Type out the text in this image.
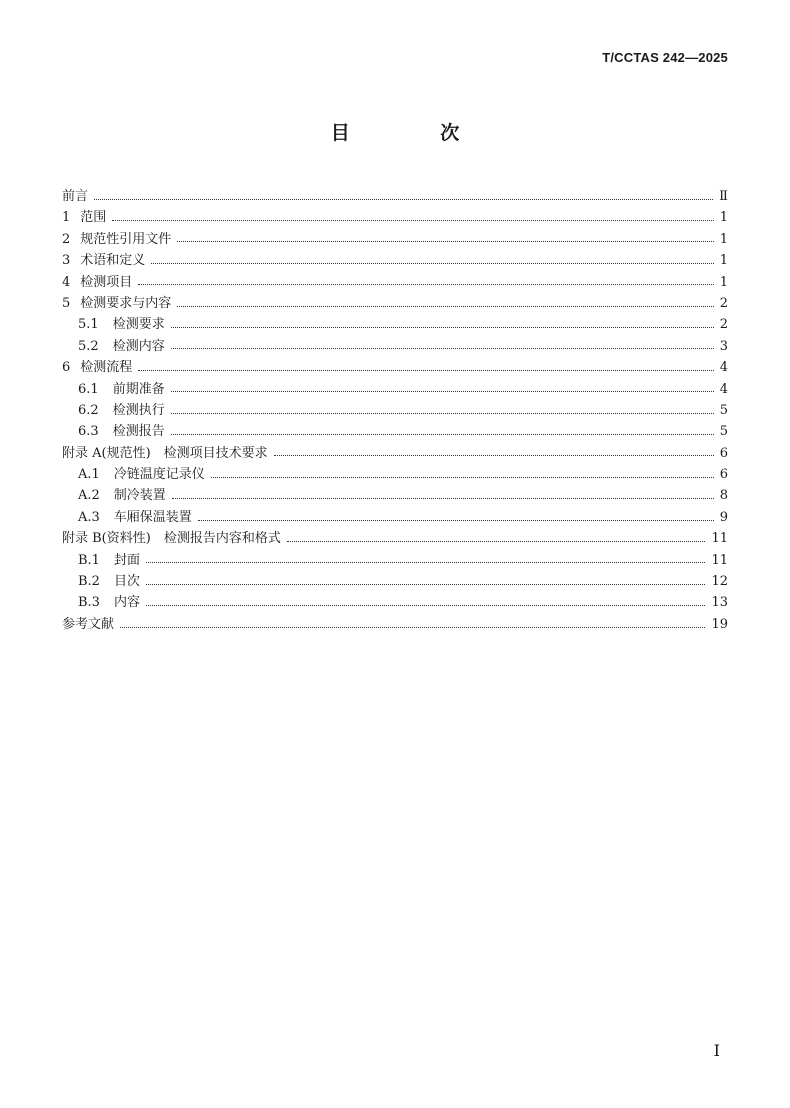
T/CCTAS 242—2025
目 次
前言	Ⅱ
1 范围	1
2 规范性引用文件	1
3 术语和定义	1
4 检测项目	1
5 检测要求与内容	2
5.1 检测要求	2
5.2 检测内容	3
6 检测流程	4
6.1 前期准备	4
6.2 检测执行	5
6.3 检测报告	5
附录 A(规范性)　检测项目技术要求	6
A.1 冷链温度记录仪	6
A.2 制冷装置	8
A.3 车厢保温装置	9
附录 B(资料性)　检测报告内容和格式	11
B.1 封面	11
B.2 目次	12
B.3 内容	13
参考文献	19
I
